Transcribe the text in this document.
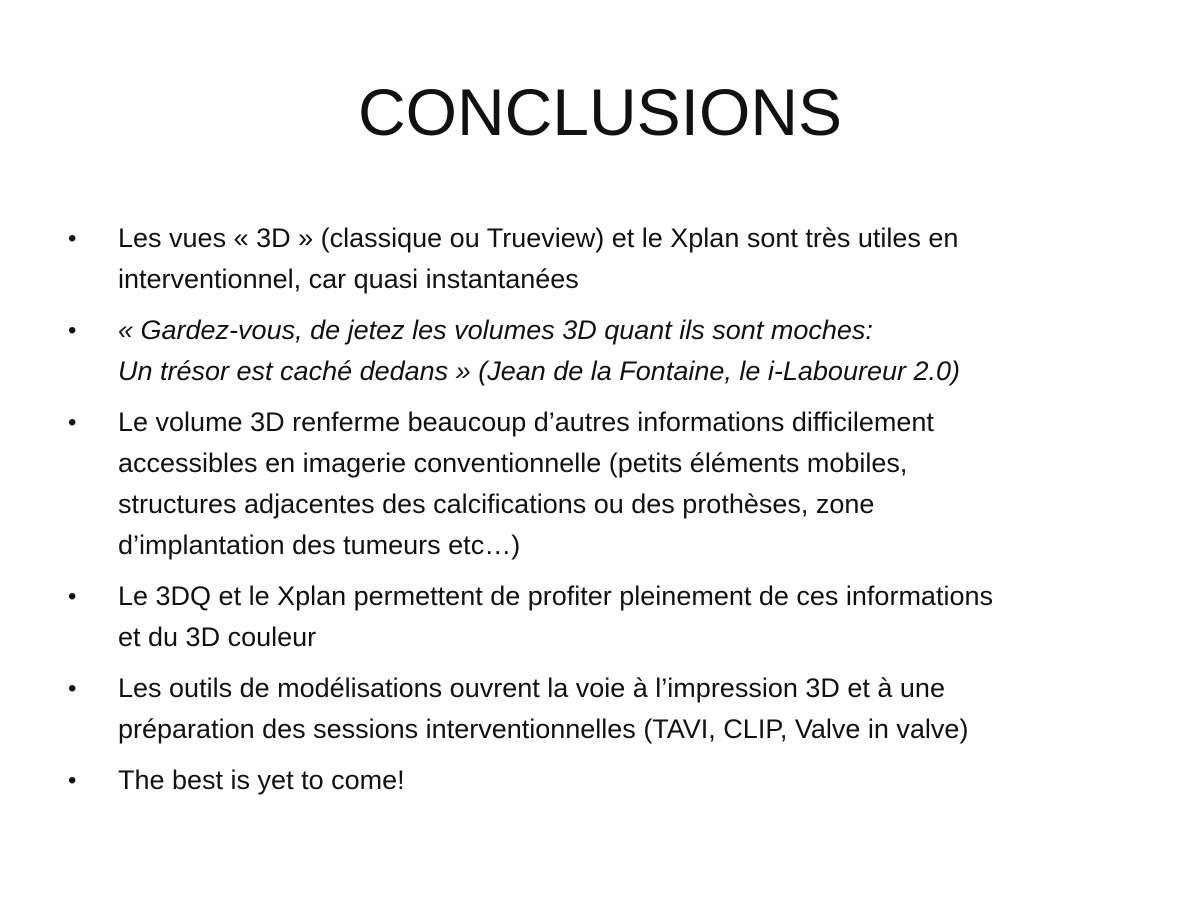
CONCLUSIONS
•	Les vues « 3D » (classique ou Trueview) et le Xplan sont très utiles en
interventionnel, car quasi instantanées
•	« Gardez-vous, de jetez les volumes 3D quant ils sont moches:
Un trésor est caché dedans » (Jean de la Fontaine, le i-Laboureur 2.0)
•	Le volume 3D renferme beaucoup d’autres informations difficilement
accessibles en imagerie conventionnelle (petits éléments mobiles,
structures adjacentes des calcifications ou des prothèses, zone
d’implantation des tumeurs etc…)
•	Le 3DQ et le Xplan permettent de profiter pleinement de ces informations
et du 3D couleur
•	Les outils de modélisations ouvrent la voie à l’impression 3D et à une
préparation des sessions interventionnelles (TAVI, CLIP, Valve in valve)
•	The best is yet to come!
